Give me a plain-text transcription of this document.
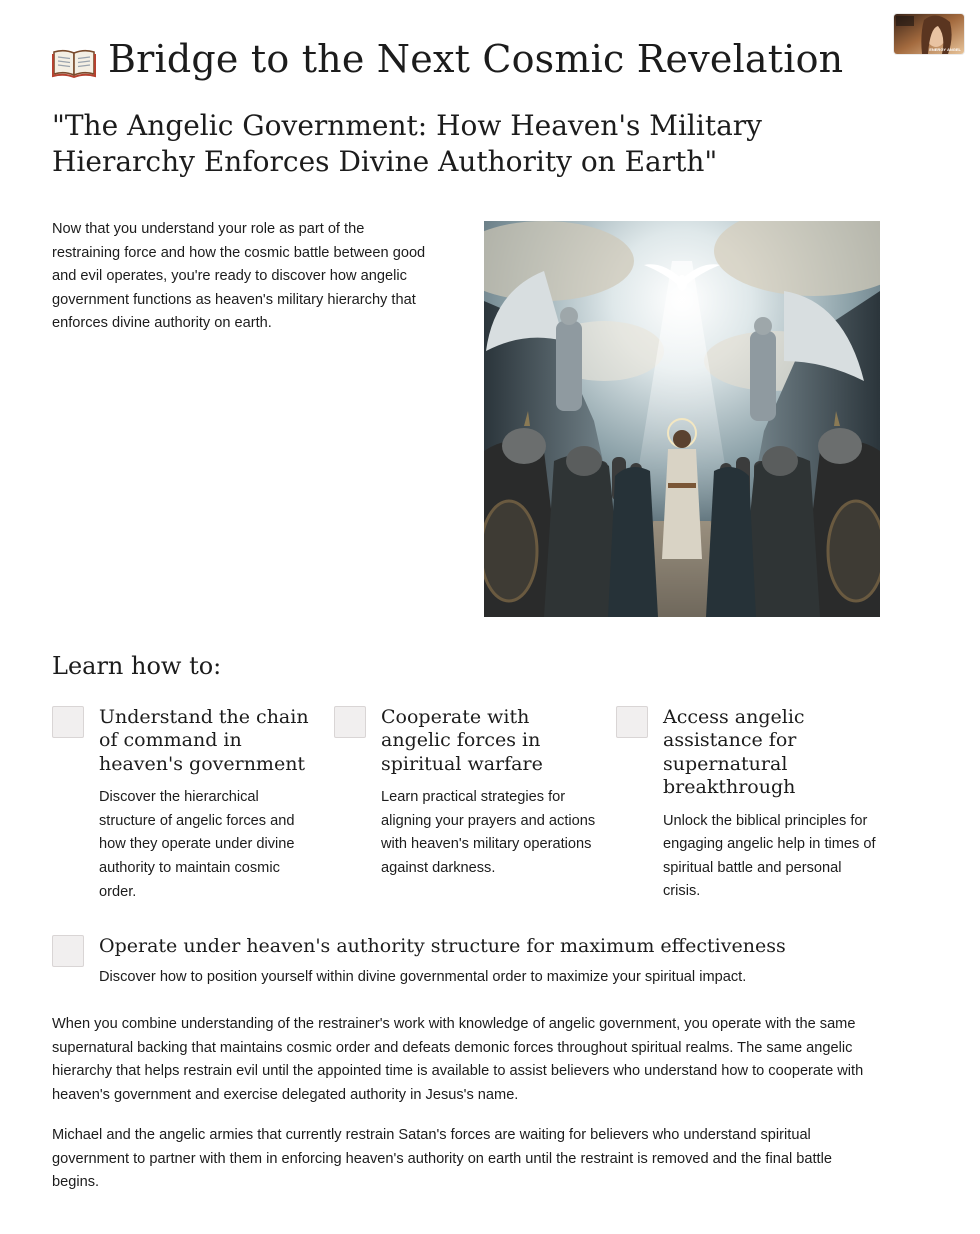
ENERGY ANGEL
Bridge to the Next Cosmic Revelation
"The Angelic Government: How Heaven's Military Hierarchy Enforces Divine Authority on Earth"

Now that you understand your role as part of the restraining force and how the cosmic battle between good and evil operates, you're ready to discover how angelic government functions as heaven's military hierarchy that enforces divine authority on earth.

Learn how to:
Understand the chain of command in heaven's government

Discover the hierarchical structure of angelic forces and how they operate under divine authority to maintain cosmic order.

Cooperate with angelic forces in spiritual warfare

Learn practical strategies for aligning your prayers and actions with heaven's military operations against darkness.

Access angelic assistance for supernatural breakthrough

Unlock the biblical principles for engaging angelic help in times of spiritual battle and personal crisis.

Operate under heaven's authority structure for maximum effectiveness

Discover how to position yourself within divine governmental order to maximize your spiritual impact.

When you combine understanding of the restrainer's work with knowledge of angelic government, you operate with the same supernatural backing that maintains cosmic order and defeats demonic forces throughout spiritual realms. The same angelic hierarchy that helps restrain evil until the appointed time is available to assist believers who understand how to cooperate with heaven's government and exercise delegated authority in Jesus's name.

Michael and the angelic armies that currently restrain Satan's forces are waiting for believers who understand spiritual government to partner with them in enforcing heaven's authority on earth until the restraint is removed and the final battle begins.
